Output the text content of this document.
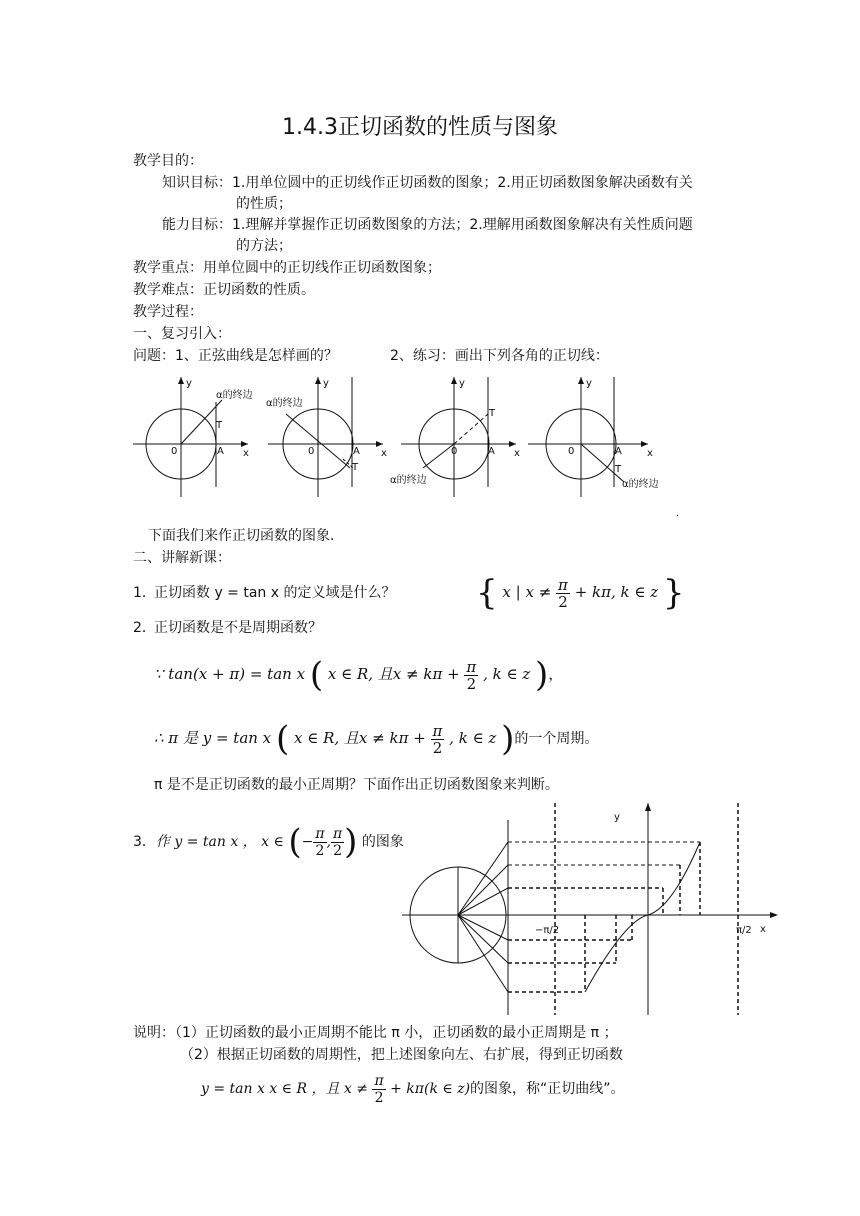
1.4.3正切函数的性质与图象
教学目的：
知识目标： 1.用单位圆中的正切线作正切函数的图象；2.用正切函数图象解决函数有关
的性质；
能力目标： 1.理解并掌握作正切函数图象的方法；2.理解用函数图象解决有关性质问题
的方法；
教学重点：用单位圆中的正切线作正切函数图象；
教学难点：正切函数的性质。
教学过程：
一、复习引入：
问题：1、正弦曲线是怎样画的？	2、练习：画出下列各角的正切线：
y
x
0	A
T
α的终边
y
x
0	A
T
α的终边
y
x
0	A
T
α的终边
y
x
0	A
T
α的终边
.
下面我们来作正切函数的图象.
二、讲解新课：
1．
正切函数 y = tan x 的定义域是什么？ { x | $x \ne \frac{\pi}{2} + k\pi$, k ∈ z }
2．
正切函数是不是周期函数？
∵ tan(x + π) = tan x ( x ∈ R, 且$x \ne k\pi + \frac{\pi}{2}$ , k ∈ z )，
∴ π 是 y = tan x ( x ∈ R, 且$x \ne k\pi + \frac{\pi}{2}$ , k ∈ z )的一个周期。
π 是不是正切函数的最小正周期？下面作出正切函数图象来判断。
3．作 y = tan x ， x ∈ (− $\frac{\pi}{2}$ , $\frac{\pi}{2}$ ) 的图象
y
x
−π/2	π/2
说明：（1）正切函数的最小正周期不能比 π 小，正切函数的最小正周期是 π ；
（2）根据正切函数的周期性，把上述图象向左、右扩展，得到正切函数
y = tan x x ∈ R ，且 $x \ne \frac{\pi}{2} + k\pi(k$ ∈ z)的图象，称“正切曲线”。
